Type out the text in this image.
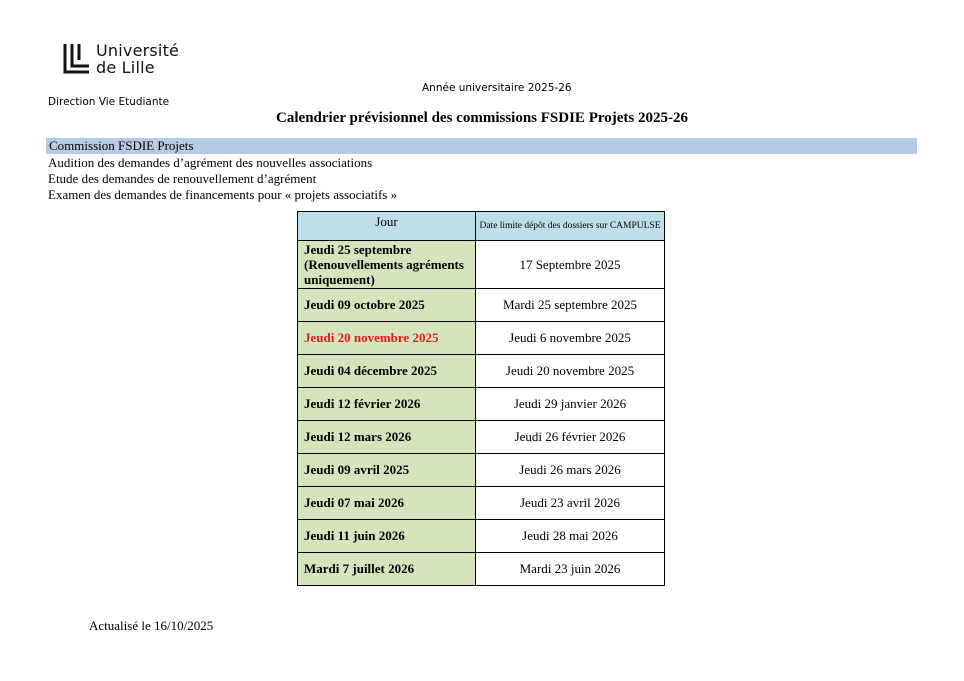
Université
de Lille
Année universitaire 2025-26
Direction Vie Etudiante
Calendrier prévisionnel des commissions FSDIE Projets 2025-26
Commission FSDIE Projets
Audition des demandes d’agrément des nouvelles associations
Etude des demandes de renouvellement d’agrément
Examen des demandes de financements pour « projets associatifs »
Jour	Date limite dépôt des dossiers sur CAMPULSE
Jeudi 25 septembre (Renouvellements agréments uniquement)	17 Septembre 2025
Jeudi 09 octobre 2025	Mardi 25 septembre 2025
Jeudi 20 novembre 2025	Jeudi 6 novembre 2025
Jeudi 04 décembre 2025	Jeudi 20 novembre 2025
Jeudi 12 février 2026	Jeudi 29 janvier 2026
Jeudi 12 mars 2026	Jeudi 26 février 2026
Jeudi 09 avril 2025	Jeudi 26 mars 2026
Jeudi 07 mai 2026	Jeudi 23 avril 2026
Jeudi 11 juin 2026	Jeudi 28 mai 2026
Mardi 7 juillet 2026	Mardi 23 juin 2026
Actualisé le 16/10/2025
